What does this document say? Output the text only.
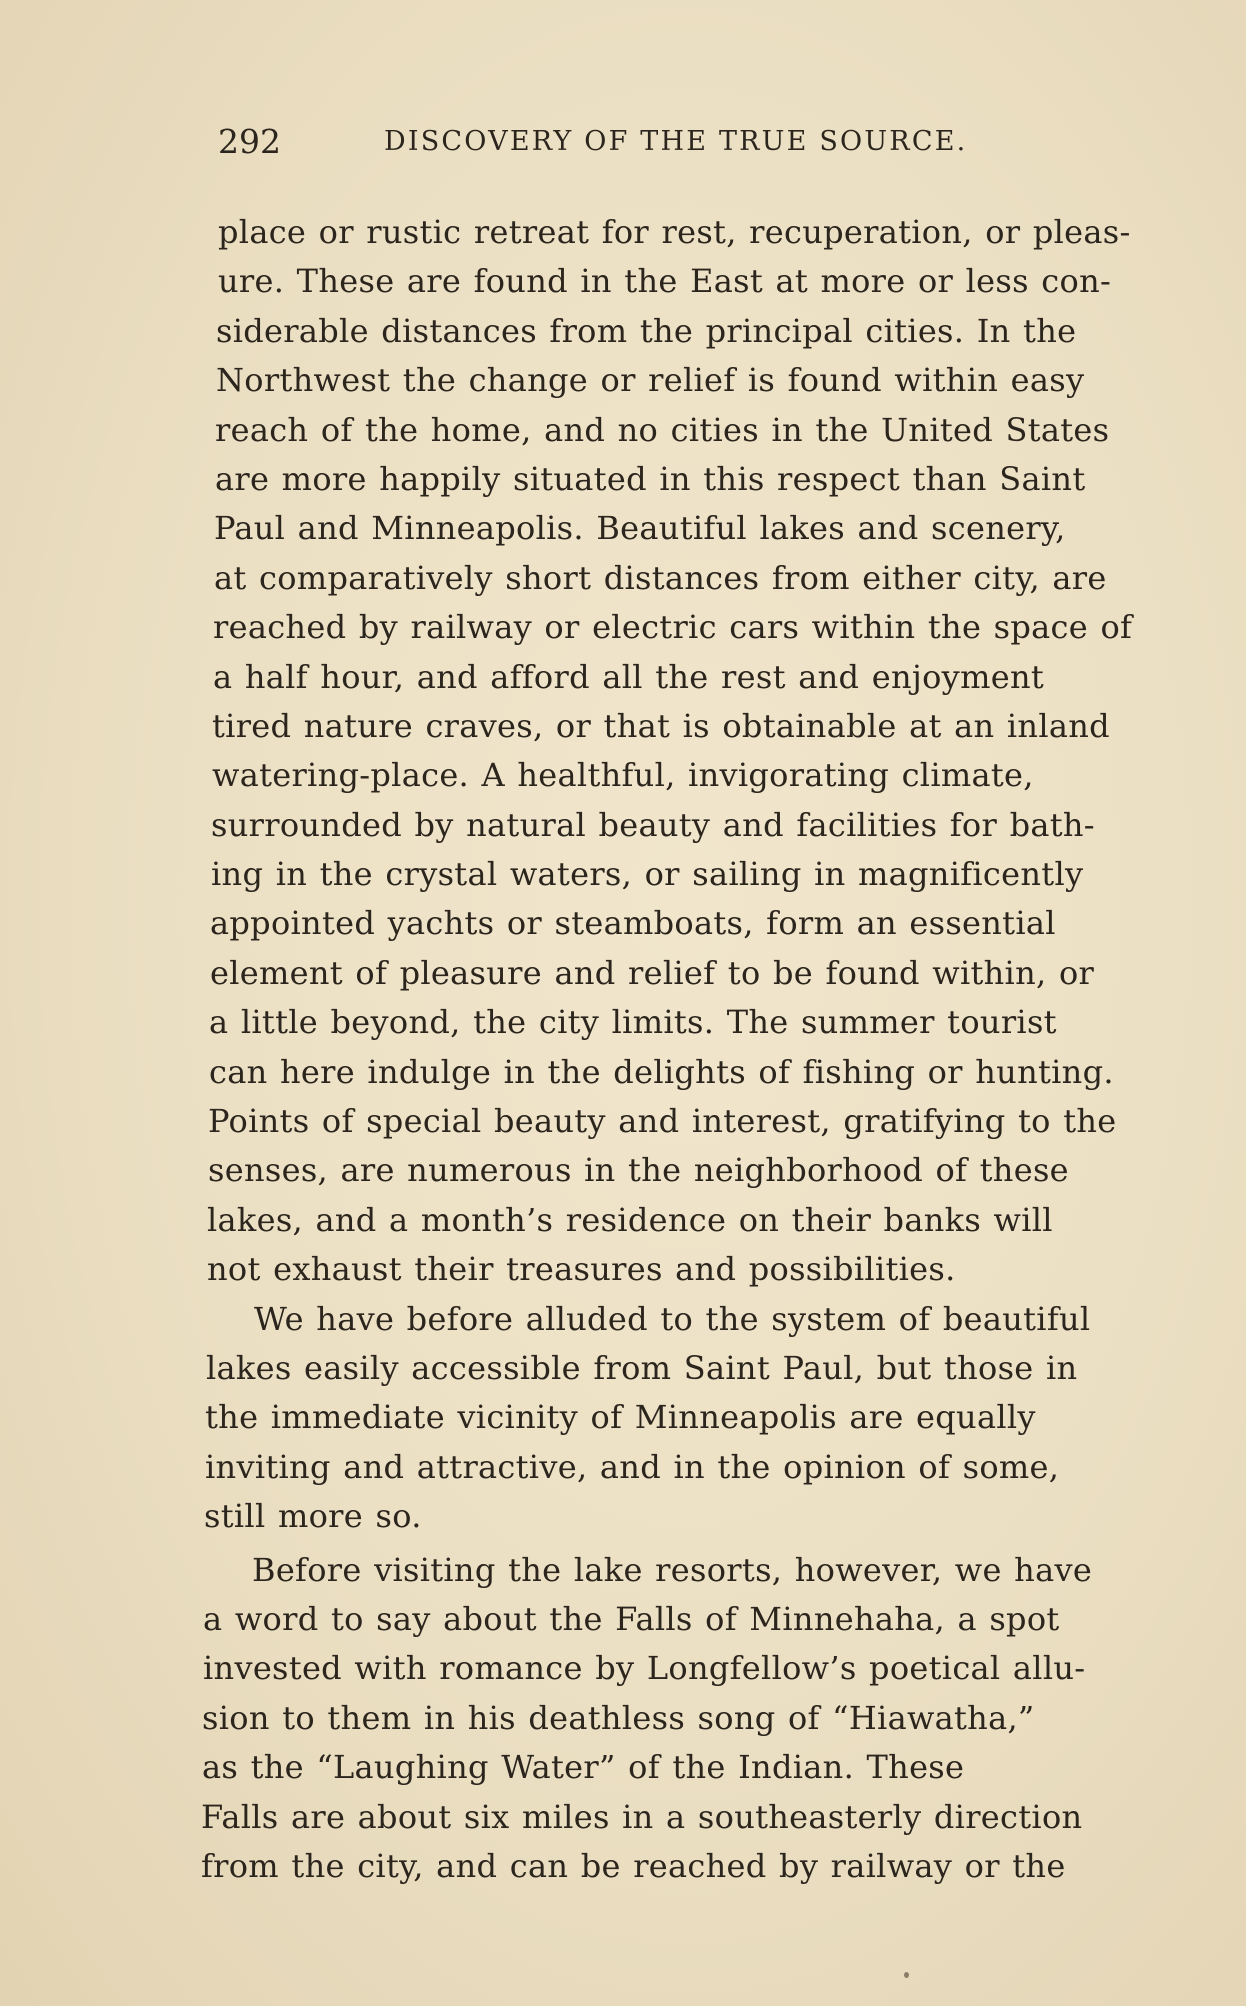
292	DISCOVERY OF THE TRUE SOURCE.
place or rustic retreat for rest, recuperation, or pleas-
ure. These are found in the East at more or less con-
siderable distances from the principal cities. In the
Northwest the change or relief is found within easy
reach of the home, and no cities in the United States
are more happily situated in this respect than Saint
Paul and Minneapolis. Beautiful lakes and scenery,
at comparatively short distances from either city, are
reached by railway or electric cars within the space of
a half hour, and afford all the rest and enjoyment
tired nature craves, or that is obtainable at an inland
watering-place. A healthful, invigorating climate,
surrounded by natural beauty and facilities for bath-
ing in the crystal waters, or sailing in magnificently
appointed yachts or steamboats, form an essential
element of pleasure and relief to be found within, or
a little beyond, the city limits. The summer tourist
can here indulge in the delights of fishing or hunting.
Points of special beauty and interest, gratifying to the
senses, are numerous in the neighborhood of these
lakes, and a month’s residence on their banks will
not exhaust their treasures and possibilities.
We have before alluded to the system of beautiful
lakes easily accessible from Saint Paul, but those in
the immediate vicinity of Minneapolis are equally
inviting and attractive, and in the opinion of some,
still more so.
Before visiting the lake resorts, however, we have
a word to say about the Falls of Minnehaha, a spot
invested with romance by Longfellow’s poetical allu-
sion to them in his deathless song of “Hiawatha,”
as the “Laughing Water” of the Indian. These
Falls are about six miles in a southeasterly direction
from the city, and can be reached by railway or the
